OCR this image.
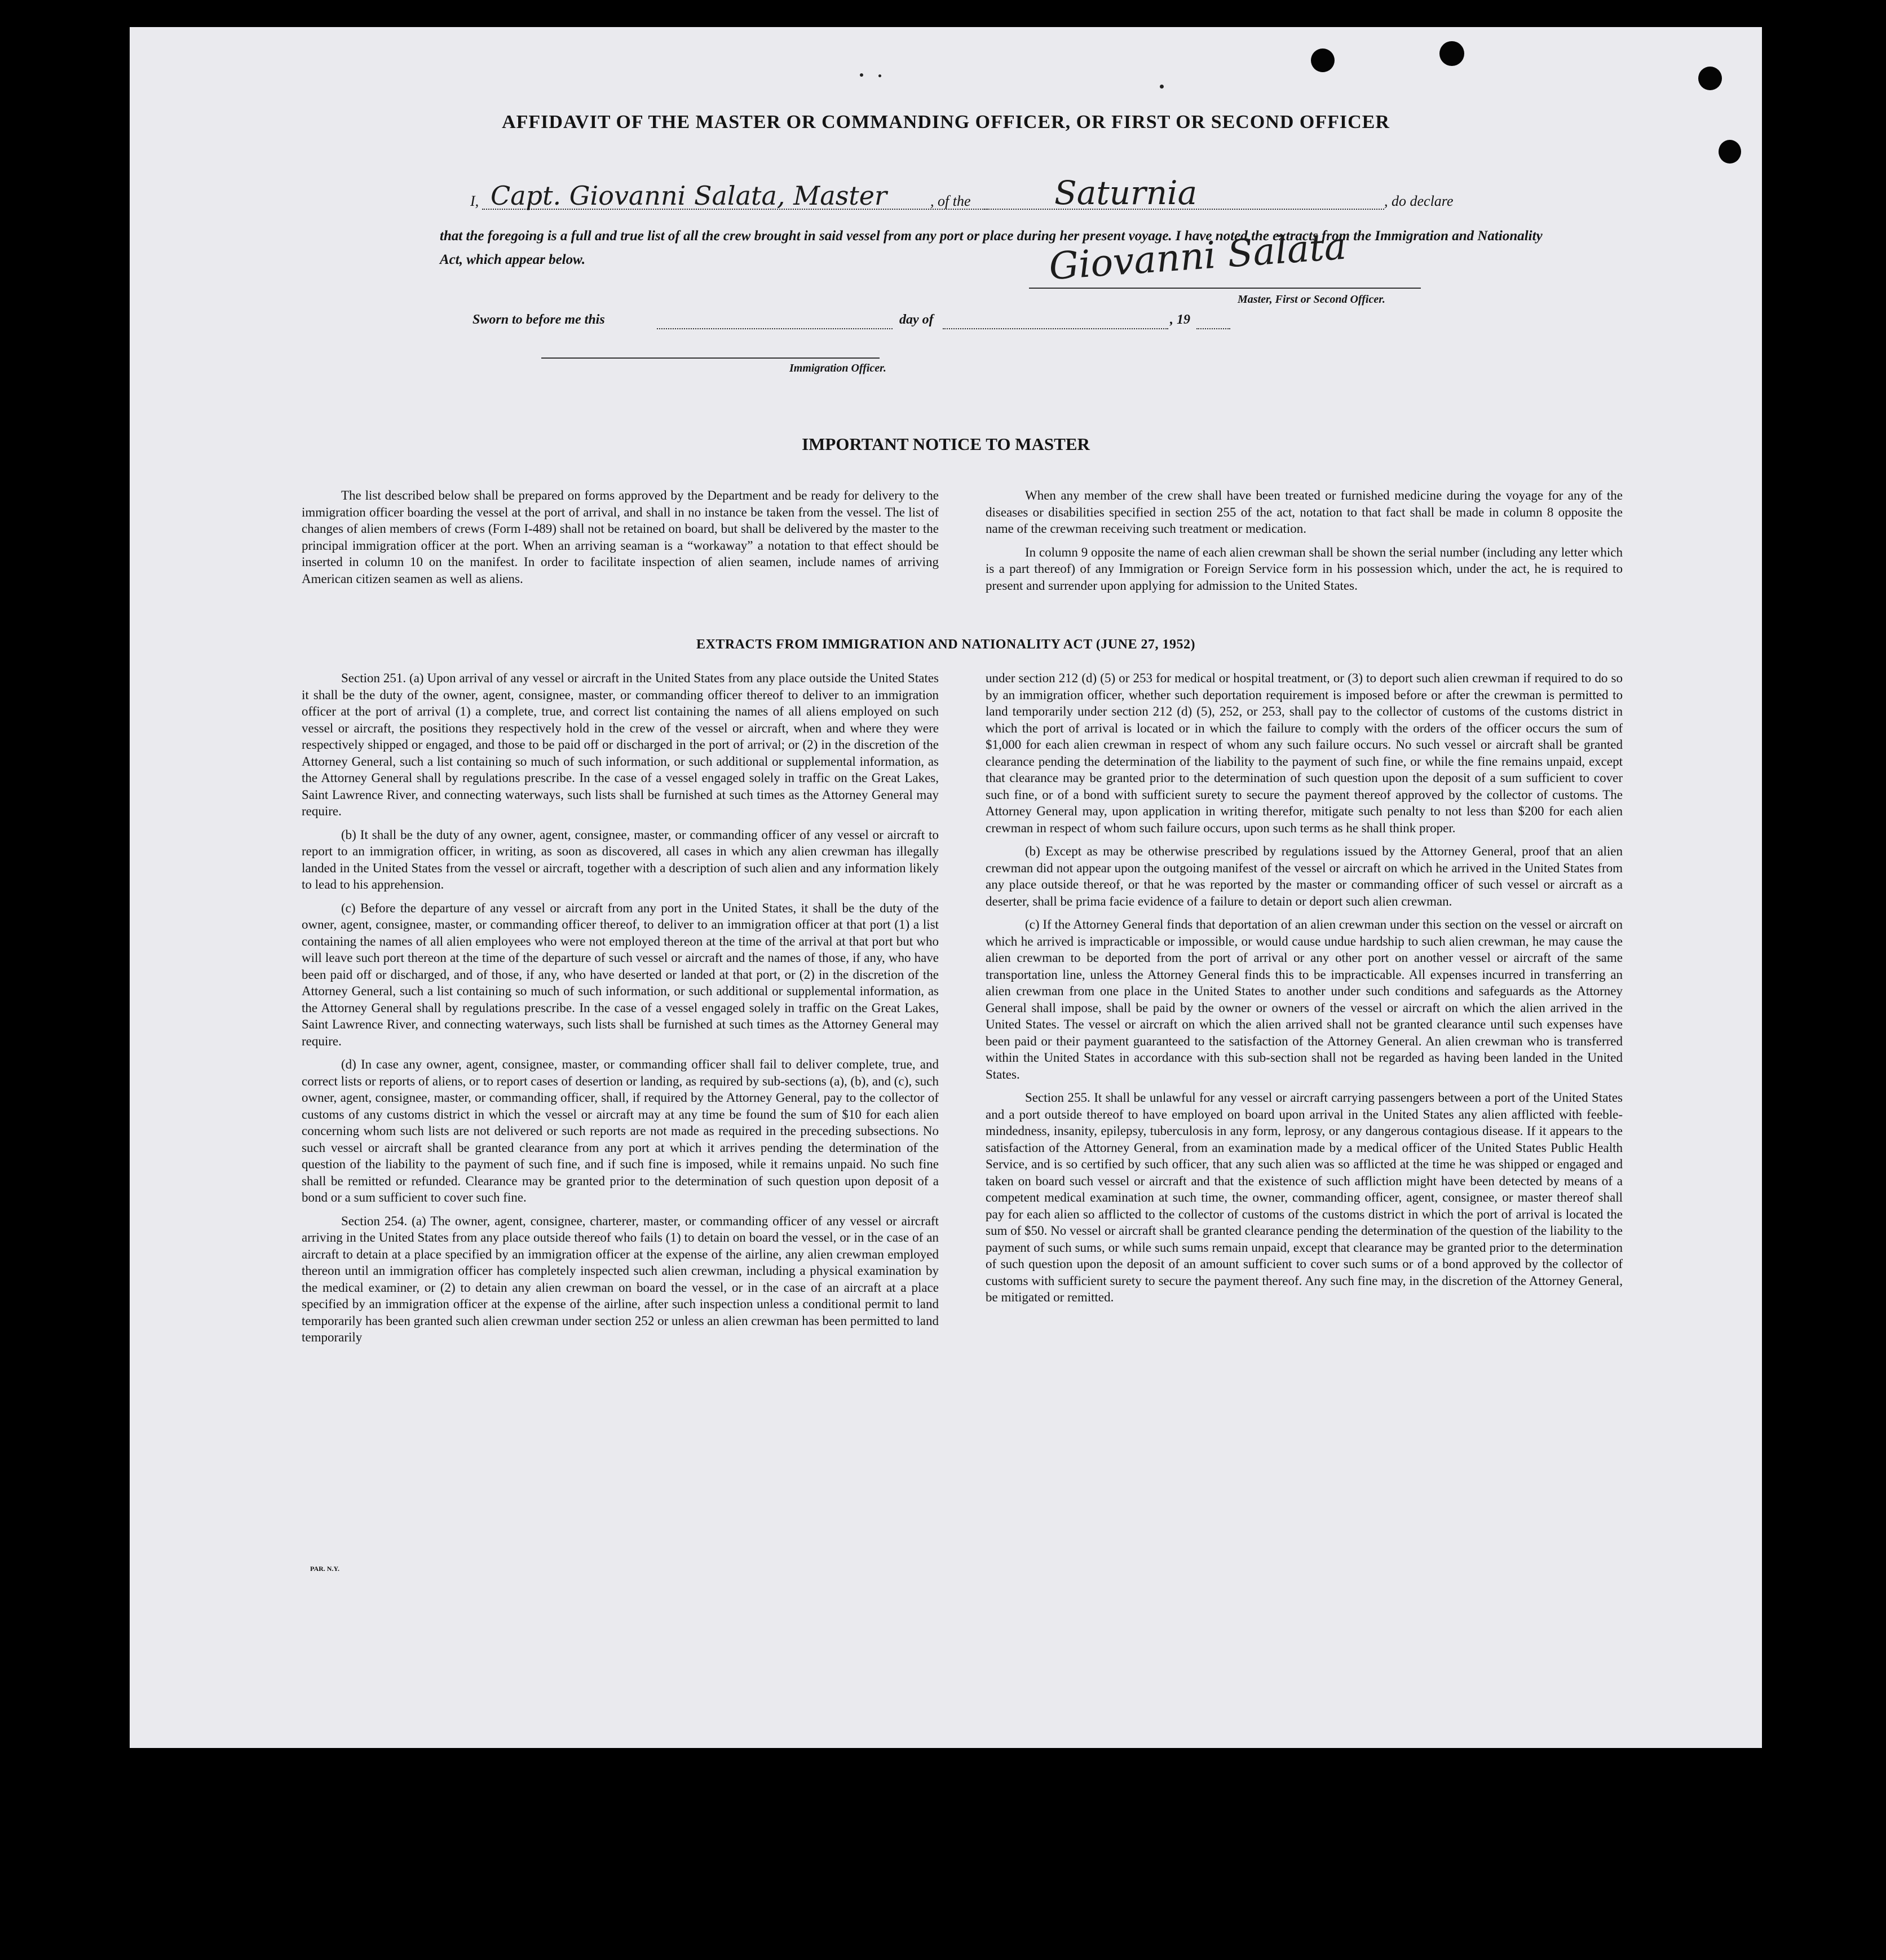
AFFIDAVIT OF THE MASTER OR COMMANDING OFFICER, OR FIRST OR SECOND OFFICER
I, Capt. Giovanni Salata, Master	, of the	Saturnia	, do declare
that the foregoing is a full and true list of all the crew brought in said vessel from any port or place during her present voyage. I have noted the extracts from the Immigration and Nationality Act, which appear below.	Giovanni Salata
Master, First or Second Officer.
Sworn to before me this	day of	, 19
Immigration Officer.
IMPORTANT NOTICE TO MASTER

The list described below shall be prepared on forms approved by the Department and be ready for delivery to the immigration officer boarding the vessel at the port of arrival, and shall in no instance be taken from the vessel. The list of changes of alien members of crews (Form I-489) shall not be retained on board, but shall be delivered by the master to the principal immigration officer at the port. When an arriving seaman is a “workaway” a notation to that effect should be inserted in column 10 on the manifest. In order to facilitate inspection of alien seamen, include names of arriving American citizen seamen as well as aliens.

When any member of the crew shall have been treated or furnished medicine during the voyage for any of the diseases or disabilities specified in section 255 of the act, notation to that fact shall be made in column 8 opposite the name of the crewman receiving such treatment or medication.

In column 9 opposite the name of each alien crewman shall be shown the serial number (including any letter which is a part thereof) of any Immigration or Foreign Service form in his possession which, under the act, he is required to present and surrender upon applying for admission to the United States.

EXTRACTS FROM IMMIGRATION AND NATIONALITY ACT (JUNE 27, 1952)

Section 251. (a) Upon arrival of any vessel or aircraft in the United States from any place outside the United States it shall be the duty of the owner, agent, consignee, master, or commanding officer thereof to deliver to an immigration officer at the port of arrival (1) a complete, true, and correct list containing the names of all aliens employed on such vessel or aircraft, the positions they respectively hold in the crew of the vessel or aircraft, when and where they were respectively shipped or engaged, and those to be paid off or discharged in the port of arrival; or (2) in the discretion of the Attorney General, such a list containing so much of such information, or such additional or supplemental information, as the Attorney General shall by regulations prescribe. In the case of a vessel engaged solely in traffic on the Great Lakes, Saint Lawrence River, and connecting waterways, such lists shall be furnished at such times as the Attorney General may require.

(b) It shall be the duty of any owner, agent, consignee, master, or commanding officer of any vessel or aircraft to report to an immigration officer, in writing, as soon as discovered, all cases in which any alien crewman has illegally landed in the United States from the vessel or aircraft, together with a description of such alien and any information likely to lead to his apprehension.

(c) Before the departure of any vessel or aircraft from any port in the United States, it shall be the duty of the owner, agent, consignee, master, or commanding officer thereof, to deliver to an immigration officer at that port (1) a list containing the names of all alien employees who were not employed thereon at the time of the arrival at that port but who will leave such port thereon at the time of the departure of such vessel or aircraft and the names of those, if any, who have been paid off or discharged, and of those, if any, who have deserted or landed at that port, or (2) in the discretion of the Attorney General, such a list containing so much of such information, or such additional or supplemental information, as the Attorney General shall by regulations prescribe. In the case of a vessel engaged solely in traffic on the Great Lakes, Saint Lawrence River, and connecting waterways, such lists shall be furnished at such times as the Attorney General may require.

(d) In case any owner, agent, consignee, master, or commanding officer shall fail to deliver complete, true, and correct lists or reports of aliens, or to report cases of desertion or landing, as required by sub-sections (a), (b), and (c), such owner, agent, consignee, master, or commanding officer, shall, if required by the Attorney General, pay to the collector of customs of any customs district in which the vessel or aircraft may at any time be found the sum of $10 for each alien concerning whom such lists are not delivered or such reports are not made as required in the preceding subsections. No such vessel or aircraft shall be granted clearance from any port at which it arrives pending the determination of the question of the liability to the payment of such fine, and if such fine is imposed, while it remains unpaid. No such fine shall be remitted or refunded. Clearance may be granted prior to the determination of such question upon deposit of a bond or a sum sufficient to cover such fine.

Section 254. (a) The owner, agent, consignee, charterer, master, or commanding officer of any vessel or aircraft arriving in the United States from any place outside thereof who fails (1) to detain on board the vessel, or in the case of an aircraft to detain at a place specified by an immigration officer at the expense of the airline, any alien crewman employed thereon until an immigration officer has completely inspected such alien crewman, including a physical examination by the medical examiner, or (2) to detain any alien crewman on board the vessel, or in the case of an aircraft at a place specified by an immigration officer at the expense of the airline, after such inspection unless a conditional permit to land temporarily has been granted such alien crewman under section 252 or unless an alien crewman has been permitted to land temporarily

under section 212 (d) (5) or 253 for medical or hospital treatment, or (3) to deport such alien crewman if required to do so by an immigration officer, whether such deportation requirement is imposed before or after the crewman is permitted to land temporarily under section 212 (d) (5), 252, or 253, shall pay to the collector of customs of the customs district in which the port of arrival is located or in which the failure to comply with the orders of the officer occurs the sum of $1,000 for each alien crewman in respect of whom any such failure occurs. No such vessel or aircraft shall be granted clearance pending the determination of the liability to the payment of such fine, or while the fine remains unpaid, except that clearance may be granted prior to the determination of such question upon the deposit of a sum sufficient to cover such fine, or of a bond with sufficient surety to secure the payment thereof approved by the collector of customs. The Attorney General may, upon application in writing therefor, mitigate such penalty to not less than $200 for each alien crewman in respect of whom such failure occurs, upon such terms as he shall think proper.

(b) Except as may be otherwise prescribed by regulations issued by the Attorney General, proof that an alien crewman did not appear upon the outgoing manifest of the vessel or aircraft on which he arrived in the United States from any place outside thereof, or that he was reported by the master or commanding officer of such vessel or aircraft as a deserter, shall be prima facie evidence of a failure to detain or deport such alien crewman.

(c) If the Attorney General finds that deportation of an alien crewman under this section on the vessel or aircraft on which he arrived is impracticable or impossible, or would cause undue hardship to such alien crewman, he may cause the alien crewman to be deported from the port of arrival or any other port on another vessel or aircraft of the same transportation line, unless the Attorney General finds this to be impracticable. All expenses incurred in transferring an alien crewman from one place in the United States to another under such conditions and safeguards as the Attorney General shall impose, shall be paid by the owner or owners of the vessel or aircraft on which the alien arrived in the United States. The vessel or aircraft on which the alien arrived shall not be granted clearance until such expenses have been paid or their payment guaranteed to the satisfaction of the Attorney General. An alien crewman who is transferred within the United States in accordance with this sub-section shall not be regarded as having been landed in the United States.

Section 255. It shall be unlawful for any vessel or aircraft carrying passengers between a port of the United States and a port outside thereof to have employed on board upon arrival in the United States any alien afflicted with feeble-mindedness, insanity, epilepsy, tuberculosis in any form, leprosy, or any dangerous contagious disease. If it appears to the satisfaction of the Attorney General, from an examination made by a medical officer of the United States Public Health Service, and is so certified by such officer, that any such alien was so afflicted at the time he was shipped or engaged and taken on board such vessel or aircraft and that the existence of such affliction might have been detected by means of a competent medical examination at such time, the owner, commanding officer, agent, consignee, or master thereof shall pay for each alien so afflicted to the collector of customs of the customs district in which the port of arrival is located the sum of $50. No vessel or aircraft shall be granted clearance pending the determination of the question of the liability to the payment of such sums, or while such sums remain unpaid, except that clearance may be granted prior to the determination of such question upon the deposit of an amount sufficient to cover such sums or of a bond approved by the collector of customs with sufficient surety to secure the payment thereof. Any such fine may, in the discretion of the Attorney General, be mitigated or remitted.

PAR. N.Y.
